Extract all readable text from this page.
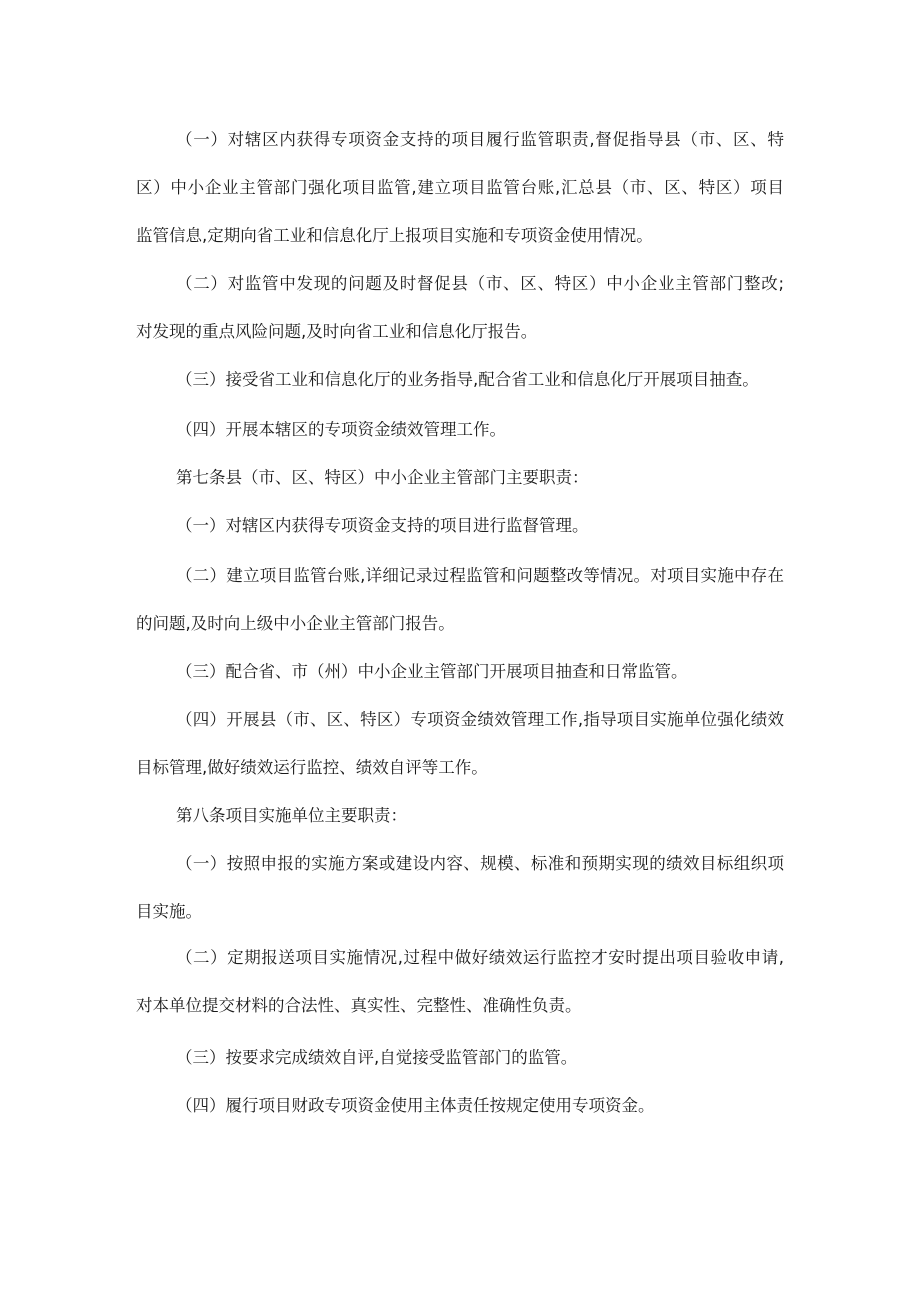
（一）对辖区内获得专项资金支持的项目履行监管职责,督促指导县（市、区、特
区）中小企业主管部门强化项目监管,建立项目监管台账,汇总县（市、区、特区）项目
监管信息,定期向省工业和信息化厅上报项目实施和专项资金使用情况。
（二）对监管中发现的问题及时督促县（市、区、特区）中小企业主管部门整改;
对发现的重点风险问题,及时向省工业和信息化厅报告。
（三）接受省工业和信息化厅的业务指导,配合省工业和信息化厅开展项目抽查。
（四）开展本辖区的专项资金绩效管理工作。
第七条县（市、区、特区）中小企业主管部门主要职责：
（一）对辖区内获得专项资金支持的项目进行监督管理。
（二）建立项目监管台账,详细记录过程监管和问题整改等情况。对项目实施中存在
的问题,及时向上级中小企业主管部门报告。
（三）配合省、市（州）中小企业主管部门开展项目抽查和日常监管。
（四）开展县（市、区、特区）专项资金绩效管理工作,指导项目实施单位强化绩效
目标管理,做好绩效运行监控、绩效自评等工作。
第八条项目实施单位主要职责：
（一）按照申报的实施方案或建设内容、规模、标准和预期实现的绩效目标组织项
目实施。
（二）定期报送项目实施情况,过程中做好绩效运行监控才安时提出项目验收申请,
对本单位提交材料的合法性、真实性、完整性、准确性负责。
（三）按要求完成绩效自评,自觉接受监管部门的监管。
（四）履行项目财政专项资金使用主体责任按规定使用专项资金。
